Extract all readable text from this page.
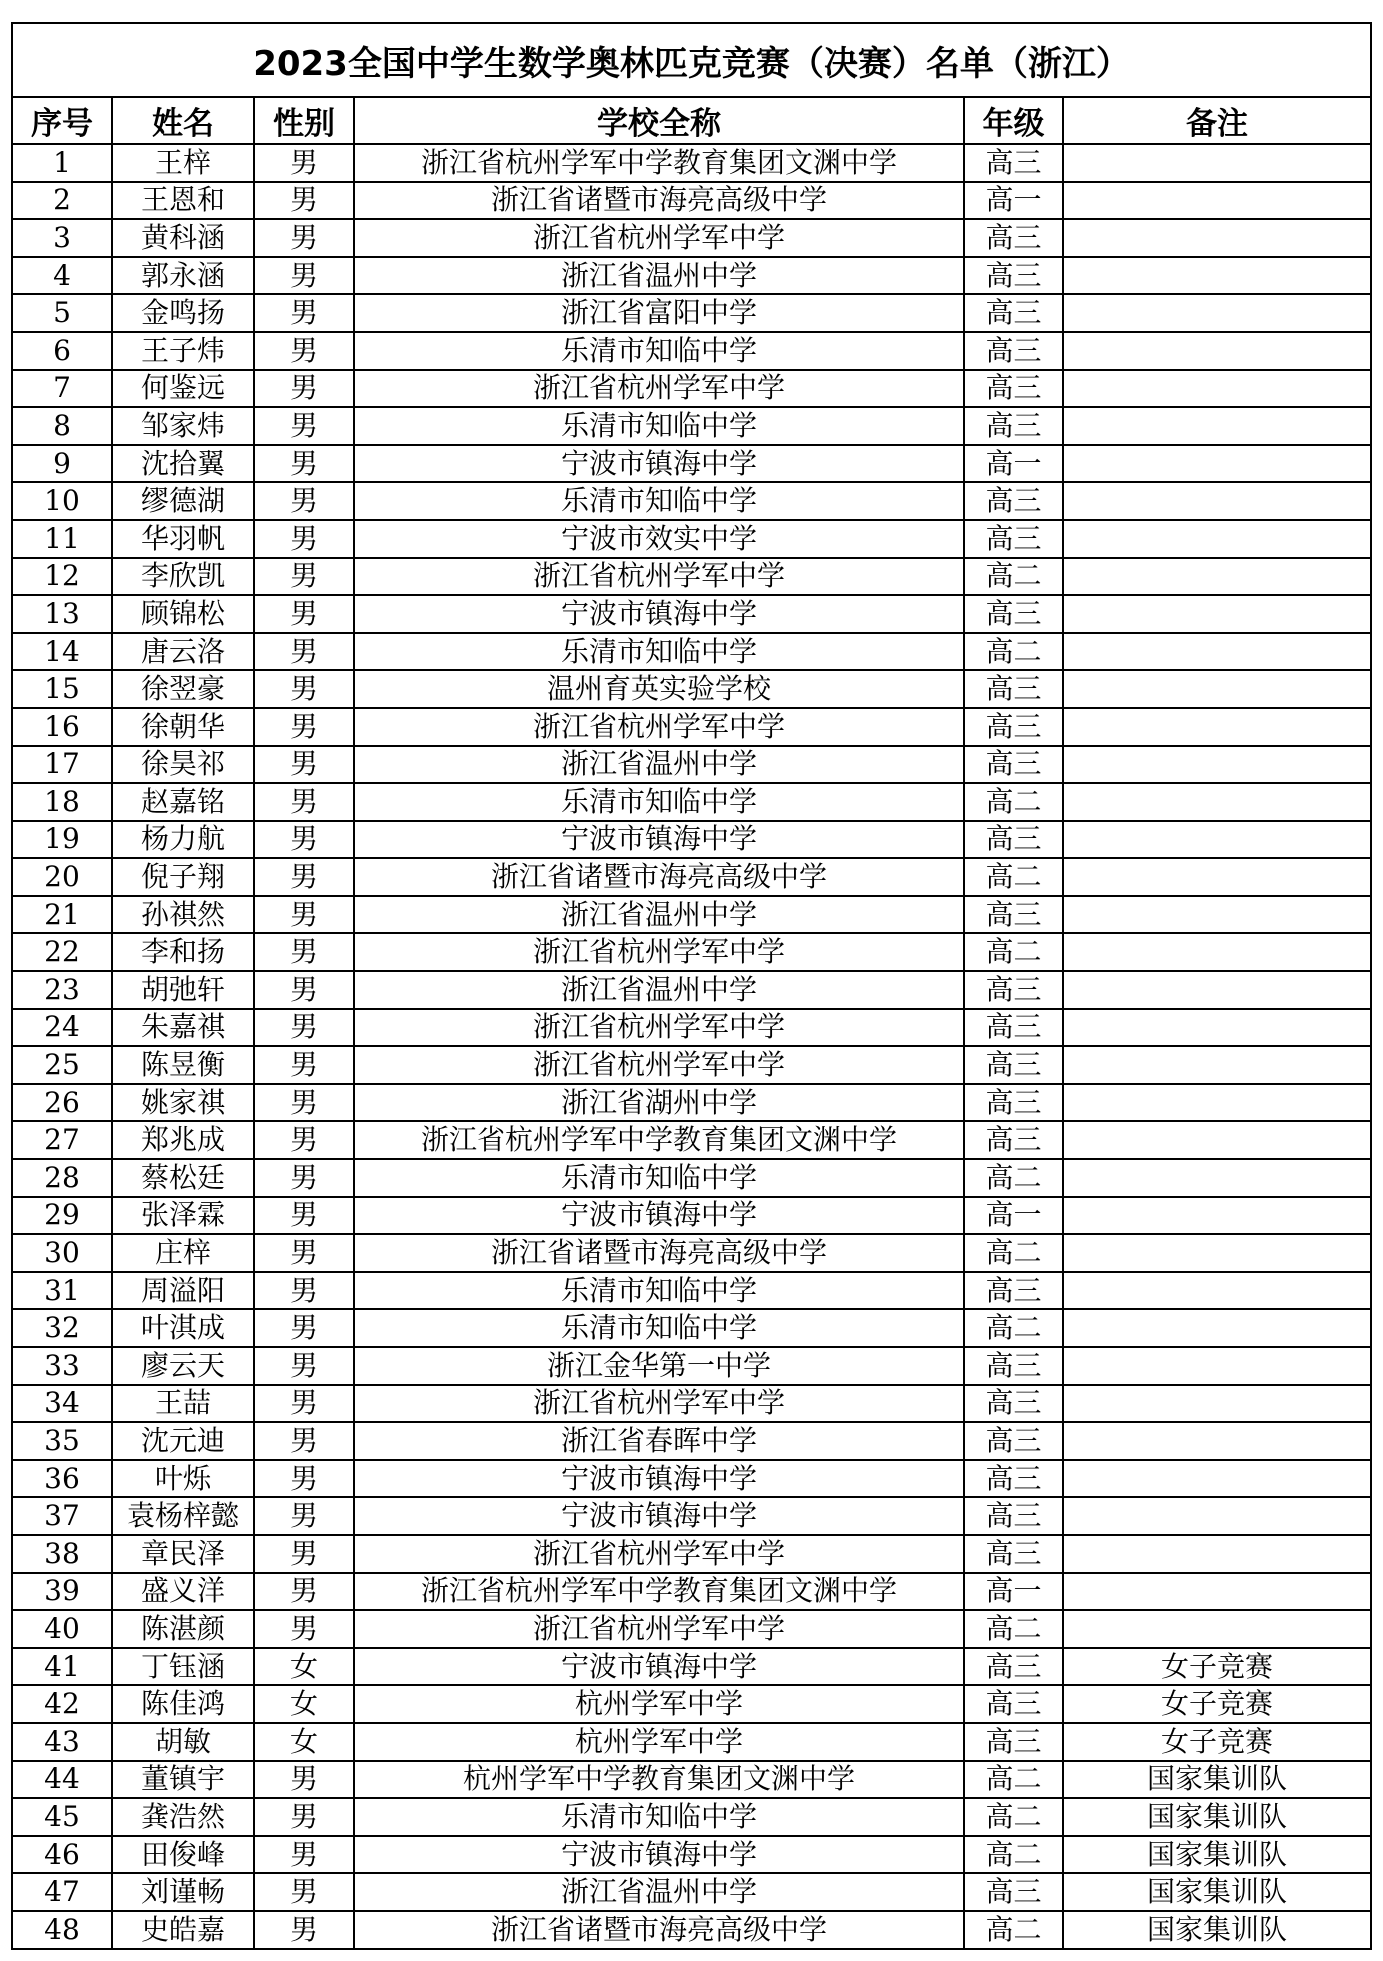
2023全国中学生数学奥林匹克竞赛（决赛）名单（浙江）					
序号	姓名	性别	学校全称	年级	备注
1	王梓	男	浙江省杭州学军中学教育集团文渊中学	高三	
2	王恩和	男	浙江省诸暨市海亮高级中学	高一	
3	黄科涵	男	浙江省杭州学军中学	高三	
4	郭永涵	男	浙江省温州中学	高三	
5	金鸣扬	男	浙江省富阳中学	高三	
6	王子炜	男	乐清市知临中学	高三	
7	何鉴远	男	浙江省杭州学军中学	高三	
8	邹家炜	男	乐清市知临中学	高三	
9	沈拾翼	男	宁波市镇海中学	高一	
10	缪德湖	男	乐清市知临中学	高三	
11	华羽帆	男	宁波市效实中学	高三	
12	李欣凯	男	浙江省杭州学军中学	高二	
13	顾锦松	男	宁波市镇海中学	高三	
14	唐云洛	男	乐清市知临中学	高二	
15	徐翌豪	男	温州育英实验学校	高三	
16	徐朝华	男	浙江省杭州学军中学	高三	
17	徐昊祁	男	浙江省温州中学	高三	
18	赵嘉铭	男	乐清市知临中学	高二	
19	杨力航	男	宁波市镇海中学	高三	
20	倪子翔	男	浙江省诸暨市海亮高级中学	高二	
21	孙祺然	男	浙江省温州中学	高三	
22	李和扬	男	浙江省杭州学军中学	高二	
23	胡弛轩	男	浙江省温州中学	高三	
24	朱嘉祺	男	浙江省杭州学军中学	高三	
25	陈昱衡	男	浙江省杭州学军中学	高三	
26	姚家祺	男	浙江省湖州中学	高三	
27	郑兆成	男	浙江省杭州学军中学教育集团文渊中学	高三	
28	蔡松廷	男	乐清市知临中学	高二	
29	张泽霖	男	宁波市镇海中学	高一	
30	庄梓	男	浙江省诸暨市海亮高级中学	高二	
31	周溢阳	男	乐清市知临中学	高三	
32	叶淇成	男	乐清市知临中学	高二	
33	廖云天	男	浙江金华第一中学	高三	
34	王喆	男	浙江省杭州学军中学	高三	
35	沈元迪	男	浙江省春晖中学	高三	
36	叶烁	男	宁波市镇海中学	高三	
37	袁杨梓懿	男	宁波市镇海中学	高三	
38	章民泽	男	浙江省杭州学军中学	高三	
39	盛义洋	男	浙江省杭州学军中学教育集团文渊中学	高一	
40	陈湛颜	男	浙江省杭州学军中学	高二	
41	丁钰涵	女	宁波市镇海中学	高三	女子竞赛
42	陈佳鸿	女	杭州学军中学	高三	女子竞赛
43	胡敏	女	杭州学军中学	高三	女子竞赛
44	董镇宇	男	杭州学军中学教育集团文渊中学	高二	国家集训队
45	龚浩然	男	乐清市知临中学	高二	国家集训队
46	田俊峰	男	宁波市镇海中学	高二	国家集训队
47	刘谨畅	男	浙江省温州中学	高三	国家集训队
48	史皓嘉	男	浙江省诸暨市海亮高级中学	高二	国家集训队
